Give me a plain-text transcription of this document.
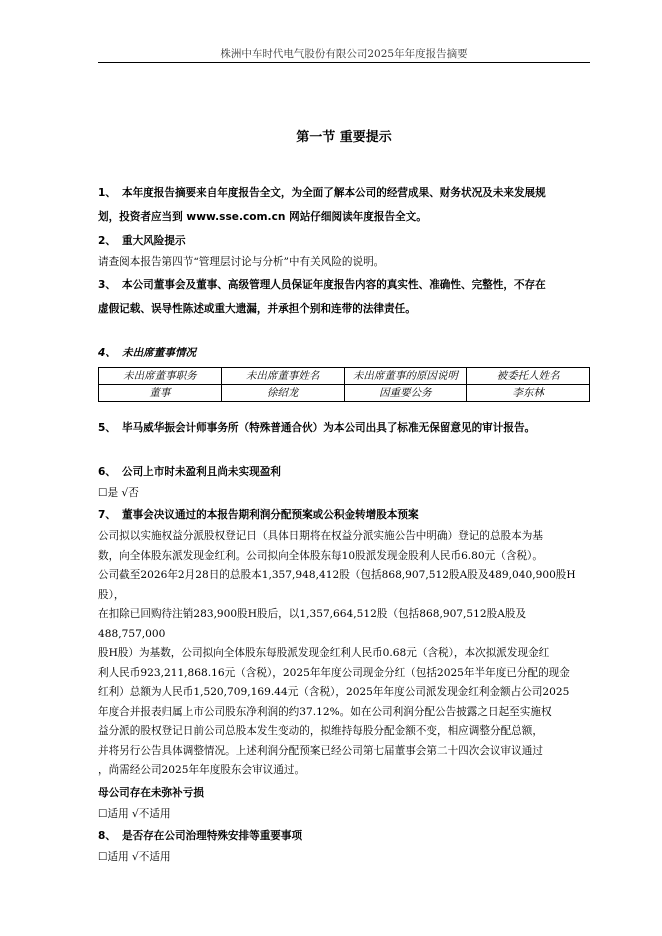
株洲中车时代电气股份有限公司2025年年度报告摘要
第一节 重要提示

1、 本年度报告摘要来自年度报告全文，为全面了解本公司的经营成果、财务状况及未来发展规

划，投资者应当到 www.sse.com.cn 网站仔细阅读年度报告全文。

2、 重大风险提示

请查阅本报告第四节“管理层讨论与分析”中有关风险的说明。

3、 本公司董事会及董事、高级管理人员保证年度报告内容的真实性、准确性、完整性，不存在

虚假记载、误导性陈述或重大遗漏，并承担个别和连带的法律责任。

4、 未出席董事情况

未出席董事职务	未出席董事姓名	未出席董事的原因说明	被委托人姓名
董事	徐绍龙	因重要公务	李东林

5、 毕马威华振会计师事务所（特殊普通合伙）为本公司出具了标准无保留意见的审计报告。

6、 公司上市时未盈利且尚未实现盈利

☐是 √否

7、 董事会决议通过的本报告期利润分配预案或公积金转增股本预案

公司拟以实施权益分派股权登记日（具体日期将在权益分派实施公告中明确）登记的总股本为基

数，向全体股东派发现金红利。公司拟向全体股东每10股派发现金股利人民币6.80元（含税）。

公司截至2026年2月28日的总股本1,357,948,412股（包括868,907,512股A股及489,040,900股H股），

在扣除已回购待注销283,900股H股后，以1,357,664,512股（包括868,907,512股A股及488,757,000

股H股）为基数，公司拟向全体股东每股派发现金红利人民币0.68元（含税），本次拟派发现金红

利人民币923,211,868.16元（含税），2025年年度公司现金分红（包括2025年半年度已分配的现金

红利）总额为人民币1,520,709,169.44元（含税），2025年年度公司派发现金红利金额占公司2025

年度合并报表归属上市公司股东净利润的约37.12%。如在公司利润分配公告披露之日起至实施权

益分派的股权登记日前公司总股本发生变动的，拟维持每股分配金额不变，相应调整分配总额，

并将另行公告具体调整情况。上述利润分配预案已经公司第七届董事会第二十四次会议审议通过

，尚需经公司2025年年度股东会审议通过。

母公司存在未弥补亏损

☐适用 √不适用

8、 是否存在公司治理特殊安排等重要事项

☐适用 √不适用
